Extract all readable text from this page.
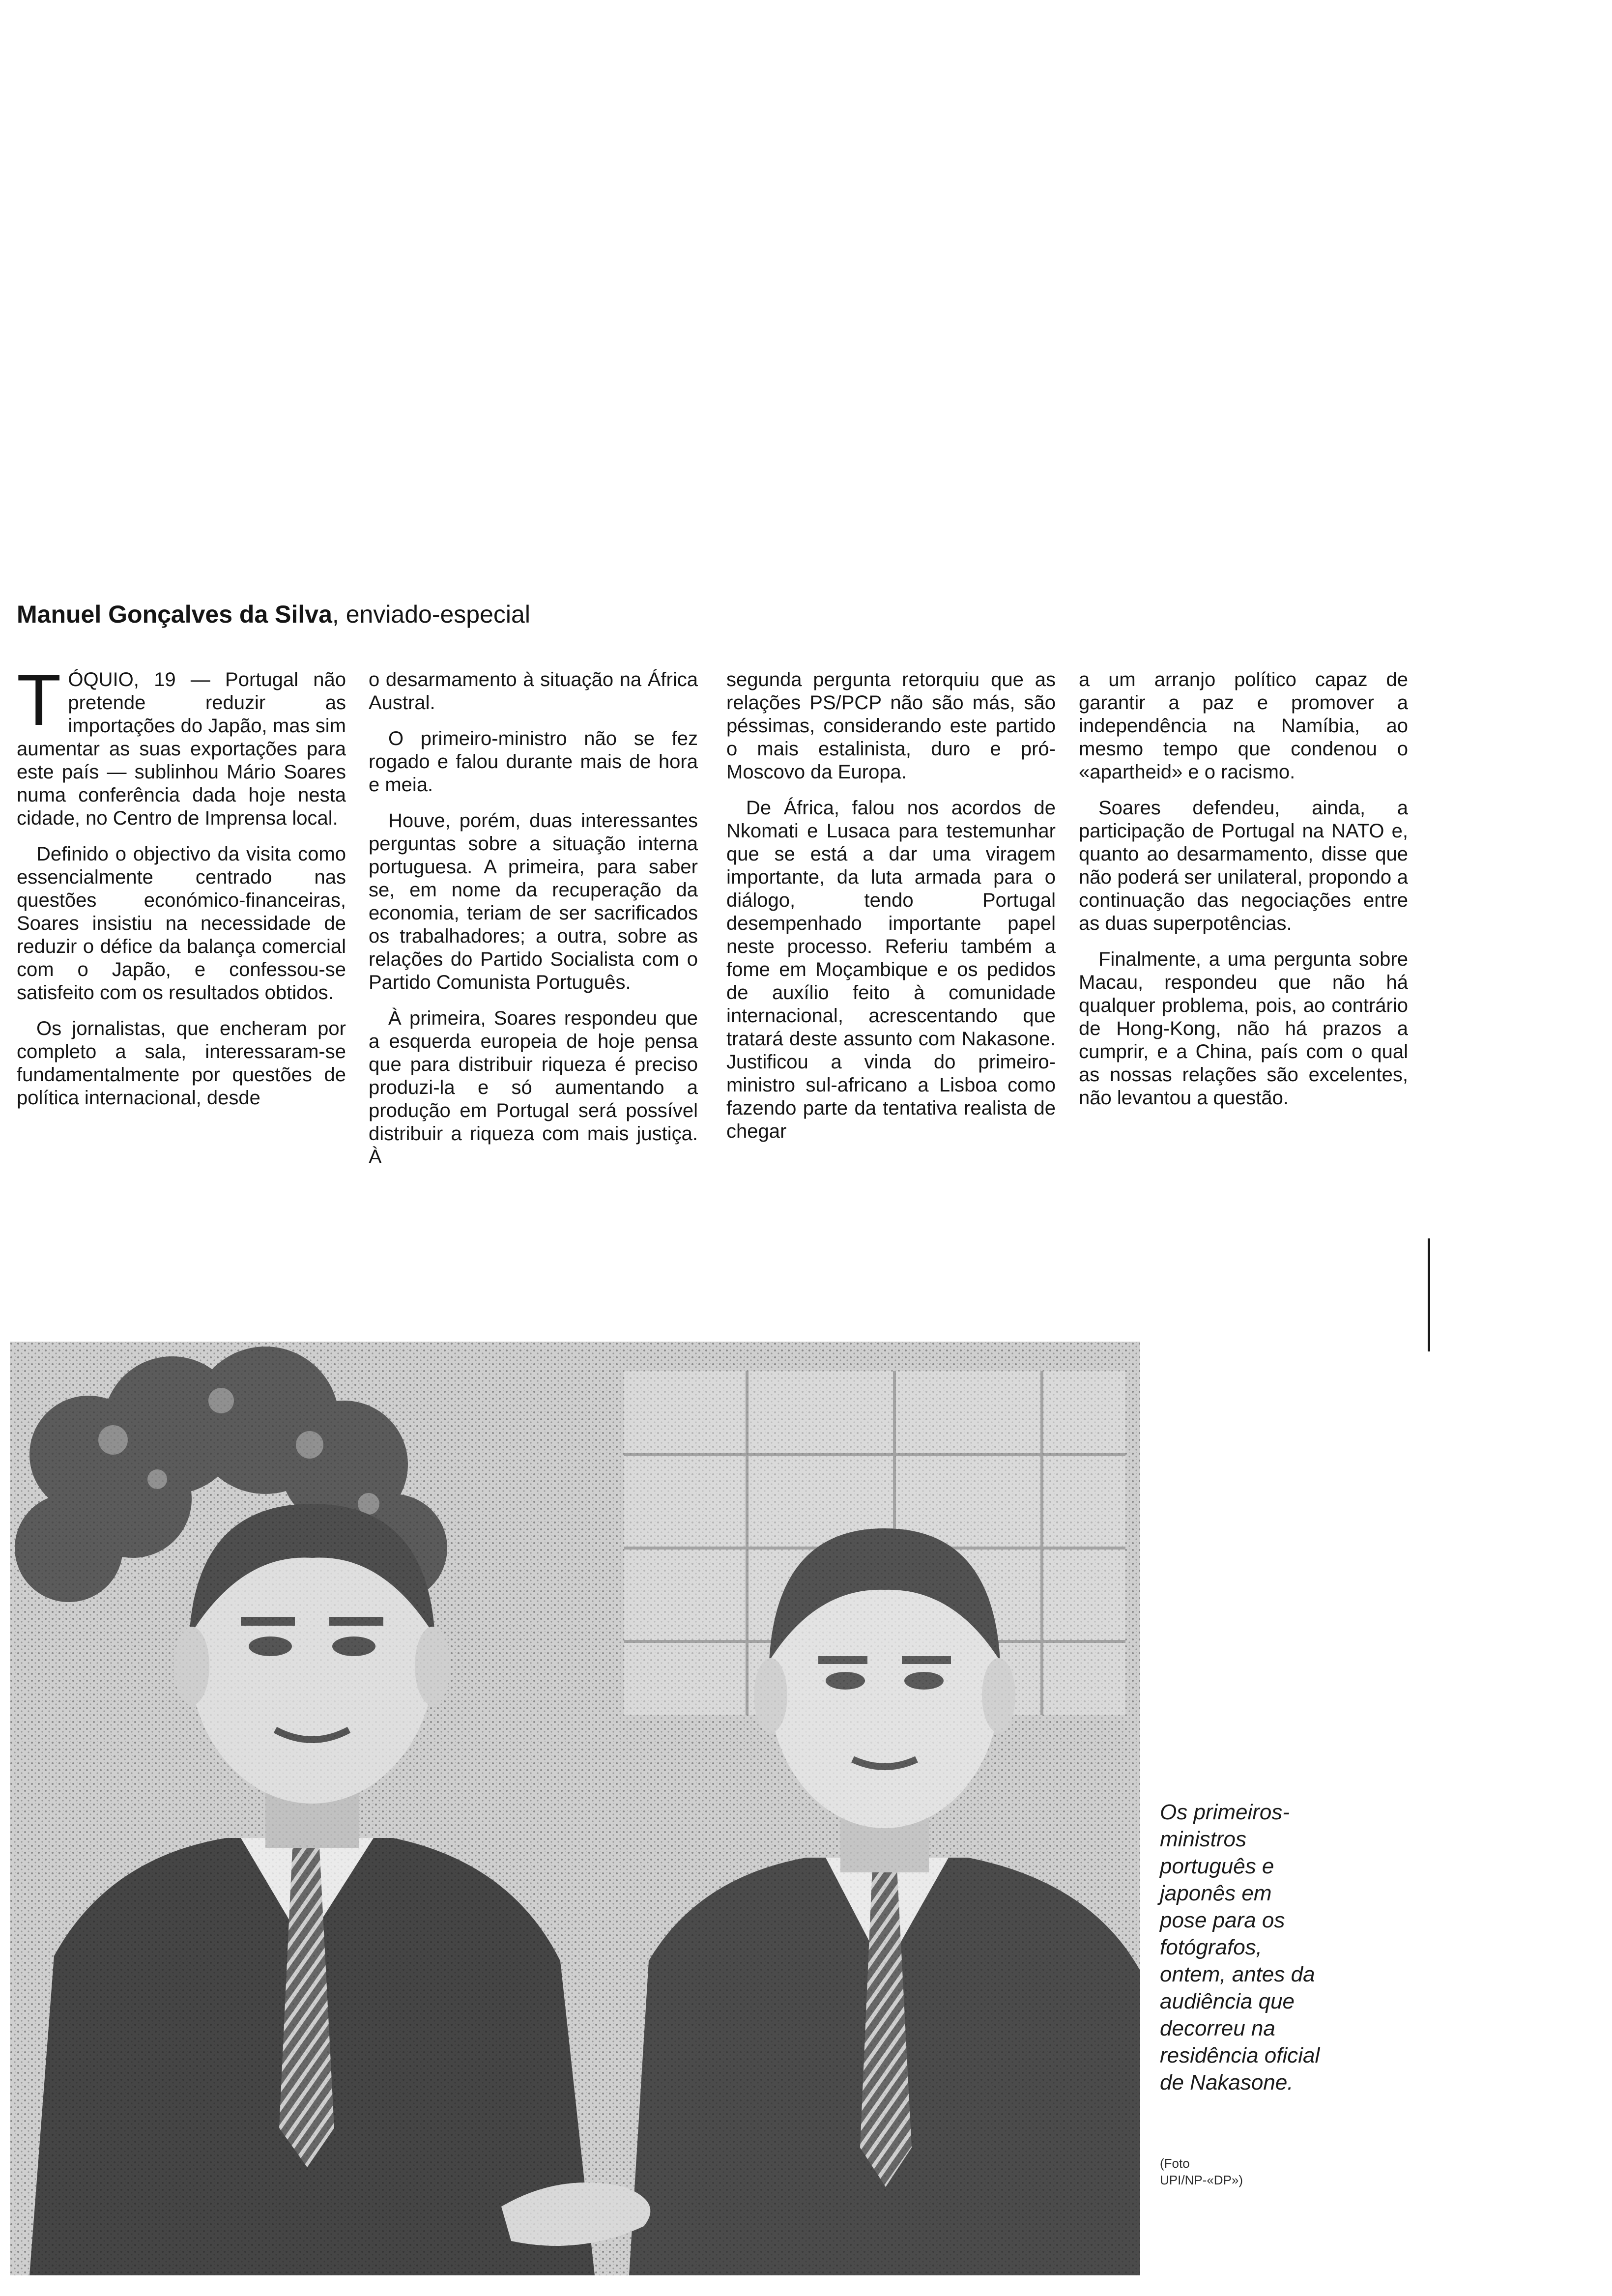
Manuel Gonçalves da Silva, enviado-especial

TÓQUIO, 19 — Portugal não pretende reduzir as importações do Japão, mas sim aumentar as suas exportações para este país — sublinhou Mário Soares numa conferência dada hoje nesta cidade, no Centro de Imprensa local.

Definido o objectivo da visita como essencialmente centrado nas questões económico-financeiras, Soares insistiu na necessidade de reduzir o défice da balança comercial com o Japão, e confessou-se satisfeito com os resultados obtidos.

Os jornalistas, que encheram por completo a sala, interessaram-se fundamentalmente por questões de política internacional, desde

o desarmamento à situação na África Austral.

O primeiro-ministro não se fez rogado e falou durante mais de hora e meia.

Houve, porém, duas interessantes perguntas sobre a situação interna portuguesa. A primeira, para saber se, em nome da recuperação da economia, teriam de ser sacrificados os trabalhadores; a outra, sobre as relações do Partido Socialista com o Partido Comunista Português.

À primeira, Soares respondeu que a esquerda europeia de hoje pensa que para distribuir riqueza é preciso produzi-la e só aumentando a produção em Portugal será possível distribuir a riqueza com mais justiça. À

segunda pergunta retorquiu que as relações PS/PCP não são más, são péssimas, considerando este partido o mais estalinista, duro e pró-Moscovo da Europa.

De África, falou nos acordos de Nkomati e Lusaca para testemunhar que se está a dar uma viragem importante, da luta armada para o diálogo, tendo Portugal desempenhado importante papel neste processo. Referiu também a fome em Moçambique e os pedidos de auxílio feito à comunidade internacional, acrescentando que tratará deste assunto com Nakasone. Justificou a vinda do primeiro-ministro sul-africano a Lisboa como fazendo parte da tentativa realista de chegar

a um arranjo político capaz de garantir a paz e promover a independência na Namíbia, ao mesmo tempo que condenou o «apartheid» e o racismo.

Soares defendeu, ainda, a participação de Portugal na NATO e, quanto ao desarmamento, disse que não poderá ser unilateral, propondo a continuação das negociações entre as duas superpotências.

Finalmente, a uma pergunta sobre Macau, respondeu que não há qualquer problema, pois, ao contrário de Hong-Kong, não há prazos a cumprir, e a China, país com o qual as nossas relações são excelentes, não levantou a questão.

Os primeiros-ministros português e japonês em pose para os fotógrafos, ontem, antes da audiência que decorreu na residência oficial de Nakasone.
(Foto
UPI/NP-«DP»)
